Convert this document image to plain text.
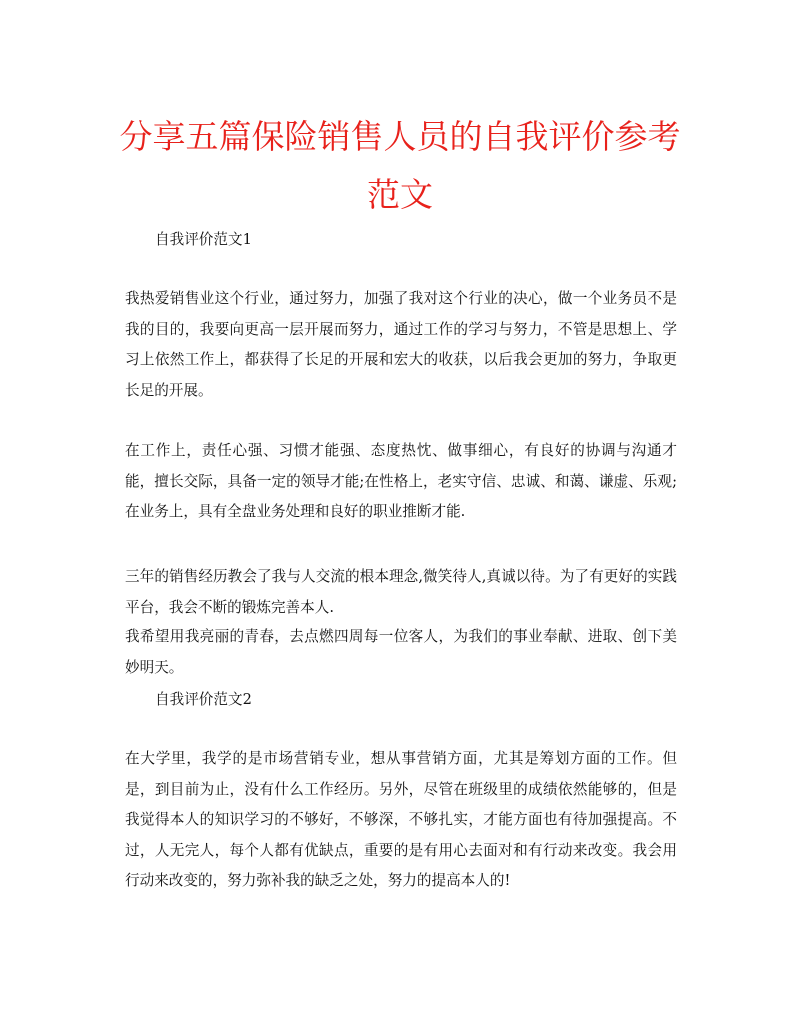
分享五篇保险销售人员的自我评价参考范文
自我评价范文1
我热爱销售业这个行业，通过努力，加强了我对这个行业的决心，做一个业务员不是我的目的，我要向更高一层开展而努力，通过工作的学习与努力，不管是思想上、学习上依然工作上，都获得了长足的开展和宏大的收获，以后我会更加的努力，争取更长足的开展。
在工作上，责任心强、习惯才能强、态度热忱、做事细心，有良好的协调与沟通才能，擅长交际，具备一定的领导才能;在性格上，老实守信、忠诚、和蔼、谦虚、乐观;在业务上，具有全盘业务处理和良好的职业推断才能.
三年的销售经历教会了我与人交流的根本理念,微笑待人,真诚以待。为了有更好的实践平台，我会不断的锻炼完善本人.
我希望用我亮丽的青春，去点燃四周每一位客人，为我们的事业奉献、进取、创下美妙明天。
自我评价范文2
在大学里，我学的是市场营销专业，想从事营销方面，尤其是筹划方面的工作。但是，到目前为止，没有什么工作经历。另外，尽管在班级里的成绩依然能够的，但是我觉得本人的知识学习的不够好，不够深，不够扎实，才能方面也有待加强提高。不过，人无完人，每个人都有优缺点，重要的是有用心去面对和有行动来改变。我会用行动来改变的，努力弥补我的缺乏之处，努力的提高本人的!
